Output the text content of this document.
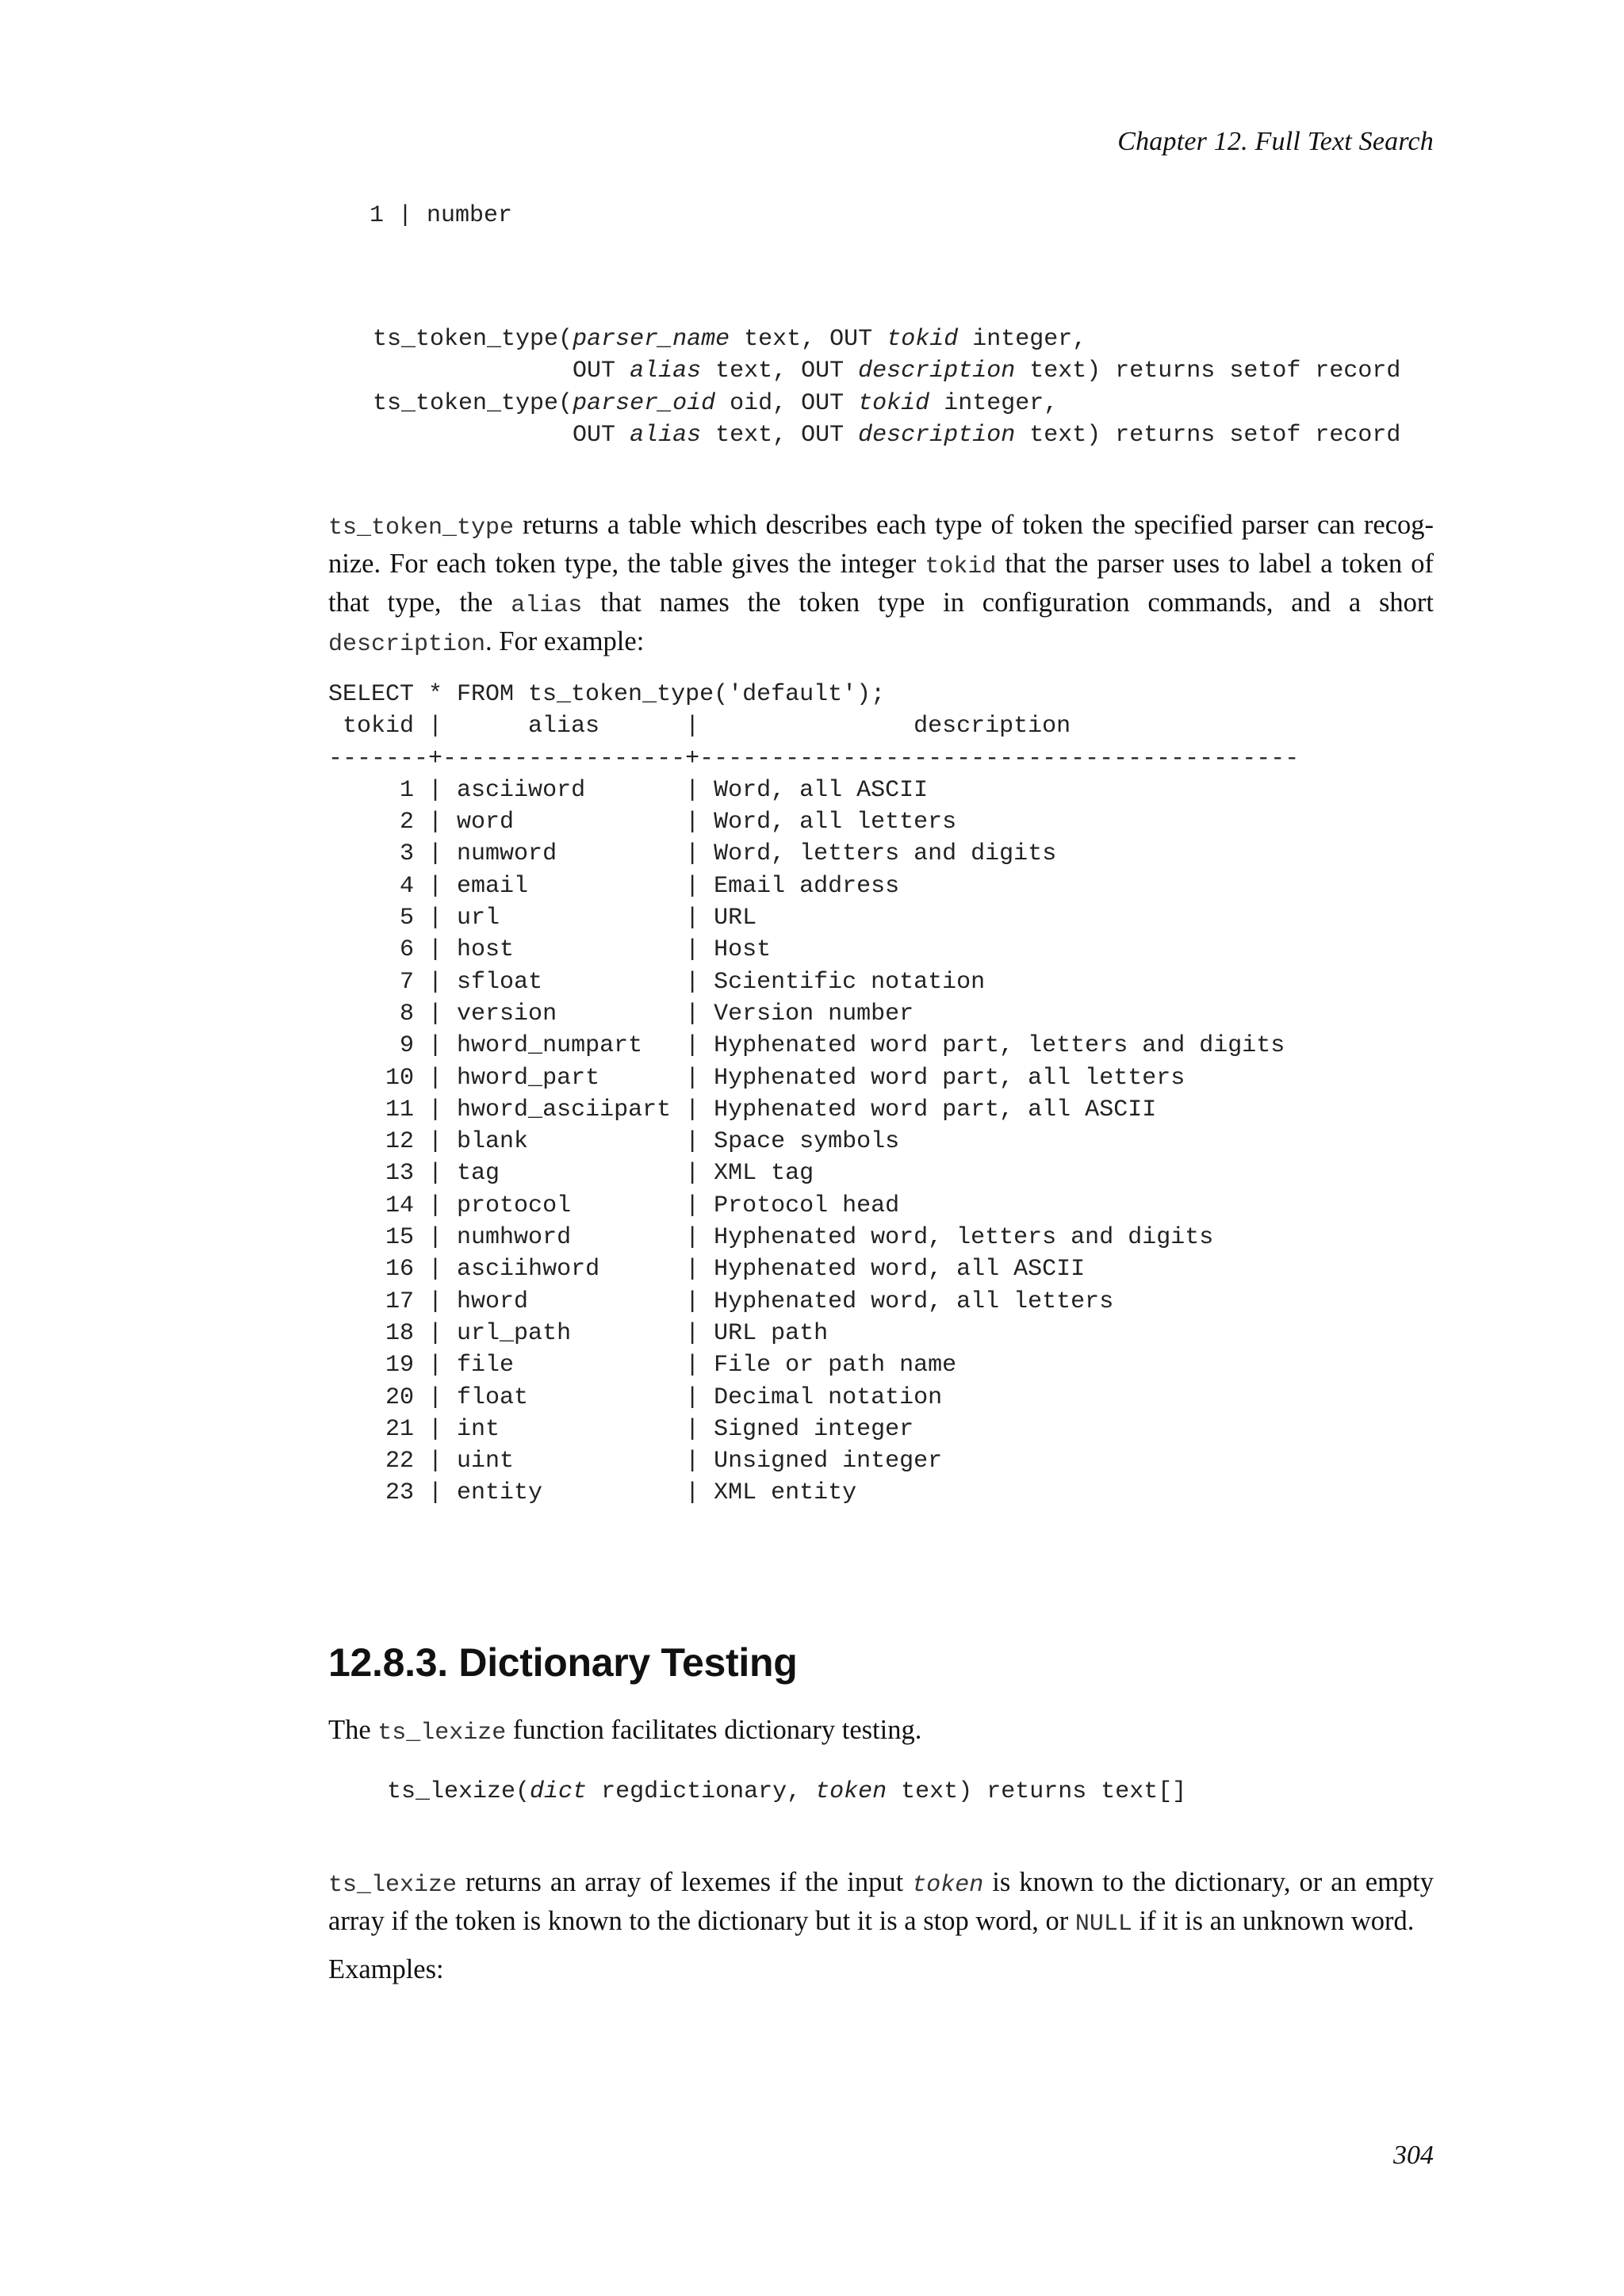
Chapter 12. Full Text Search
1 | number
ts_token_type(parser_name text, OUT tokid integer,
OUT alias text, OUT description text) returns setof record
ts_token_type(parser_oid oid, OUT tokid integer,
OUT alias text, OUT description text) returns setof record

ts_token_type returns a table which describes each type of token the specified parser can recog- nize. For each token type, the table gives the integer tokid that the parser uses to label a token of that type, the alias that names the token type in configuration commands, and a short description. For example:

SELECT * FROM ts_token_type('default');
tokid |      alias      |               description
-------+-----------------+------------------------------------------
1 | asciiword       | Word, all ASCII
2 | word            | Word, all letters
3 | numword         | Word, letters and digits
4 | email           | Email address
5 | url             | URL
6 | host            | Host
7 | sfloat          | Scientific notation
8 | version         | Version number
9 | hword_numpart   | Hyphenated word part, letters and digits
10 | hword_part      | Hyphenated word part, all letters
11 | hword_asciipart | Hyphenated word part, all ASCII
12 | blank           | Space symbols
13 | tag             | XML tag
14 | protocol        | Protocol head
15 | numhword        | Hyphenated word, letters and digits
16 | asciihword      | Hyphenated word, all ASCII
17 | hword           | Hyphenated word, all letters
18 | url_path        | URL path
19 | file            | File or path name
20 | float           | Decimal notation
21 | int             | Signed integer
22 | uint            | Unsigned integer
23 | entity          | XML entity
12.8.3. Dictionary Testing

The ts_lexize function facilitates dictionary testing.

ts_lexize(dict regdictionary, token text) returns text[]

ts_lexize returns an array of lexemes if the input token is known to the dictionary, or an empty array if the token is known to the dictionary but it is a stop word, or NULL if it is an unknown word.

Examples:

304
